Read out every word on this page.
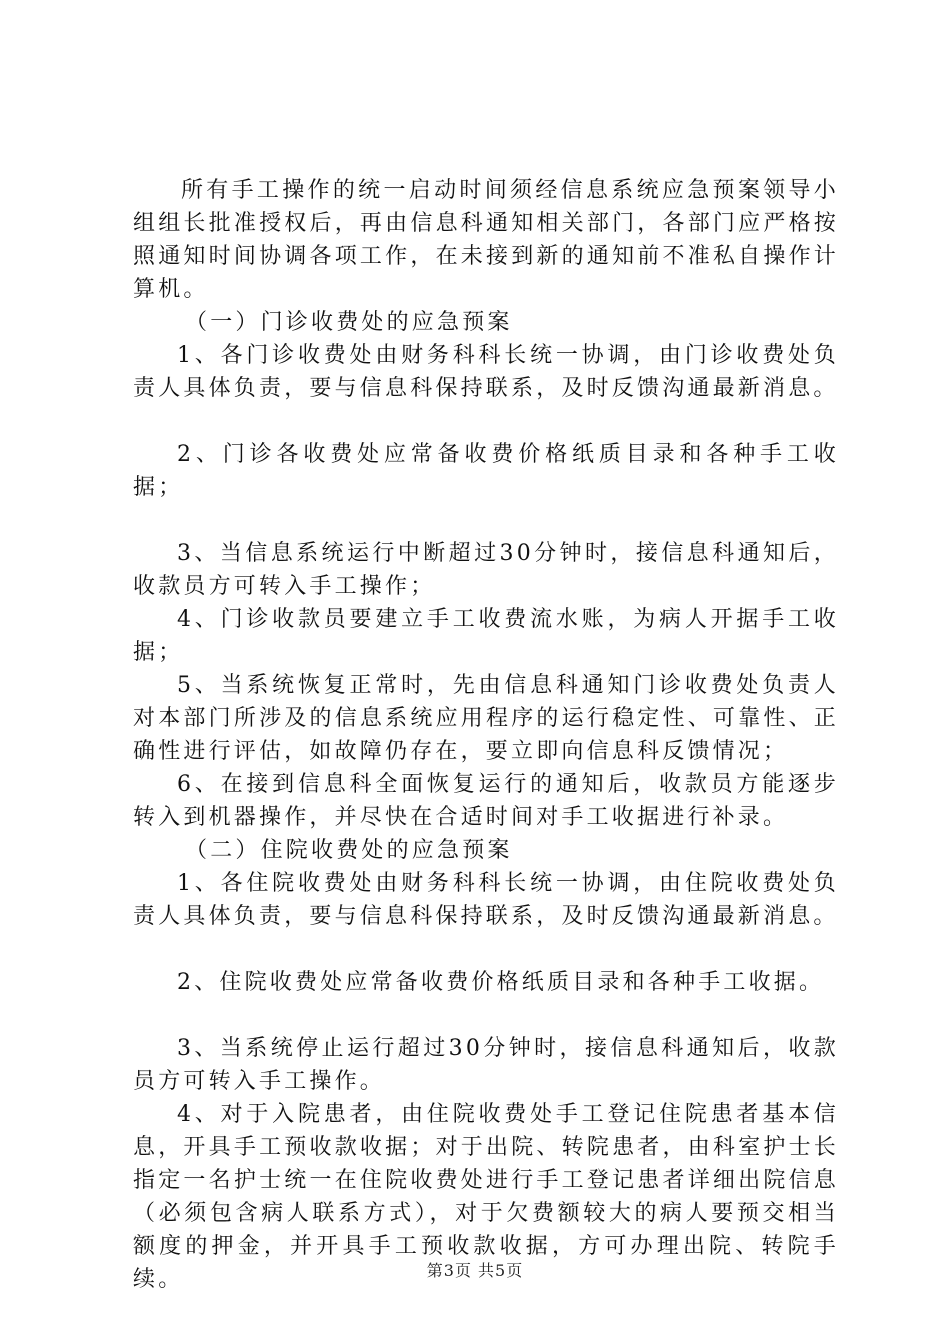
所有手工操作的统一启动时间须经信息系统应急预案领导小组组长批准授权后，再由信息科通知相关部门，各部门应严格按照通知时间协调各项工作，在未接到新的通知前不准私自操作计算机。

（一）门诊收费处的应急预案

1、各门诊收费处由财务科科长统一协调，由门诊收费处负责人具体负责，要与信息科保持联系，及时反馈沟通最新消息。

2、门诊各收费处应常备收费价格纸质目录和各种手工收据；

3、当信息系统运行中断超过30分钟时，接信息科通知后，收款员方可转入手工操作；

4、门诊收款员要建立手工收费流水账，为病人开据手工收据；

5、当系统恢复正常时，先由信息科通知门诊收费处负责人对本部门所涉及的信息系统应用程序的运行稳定性、可靠性、正确性进行评估，如故障仍存在，要立即向信息科反馈情况；

6、在接到信息科全面恢复运行的通知后，收款员方能逐步转入到机器操作，并尽快在合适时间对手工收据进行补录。

（二）住院收费处的应急预案

1、各住院收费处由财务科科长统一协调，由住院收费处负责人具体负责，要与信息科保持联系，及时反馈沟通最新消息。

2、住院收费处应常备收费价格纸质目录和各种手工收据。

3、当系统停止运行超过30分钟时，接信息科通知后，收款员方可转入手工操作。

4、对于入院患者，由住院收费处手工登记住院患者基本信息，开具手工预收款收据；对于出院、转院患者，由科室护士长指定一名护士统一在住院收费处进行手工登记患者详细出院信息（必须包含病人联系方式），对于欠费额较大的病人要预交相当额度的押金，并开具手工预收款收据，方可办理出院、转院手续。	第3页 共5页
